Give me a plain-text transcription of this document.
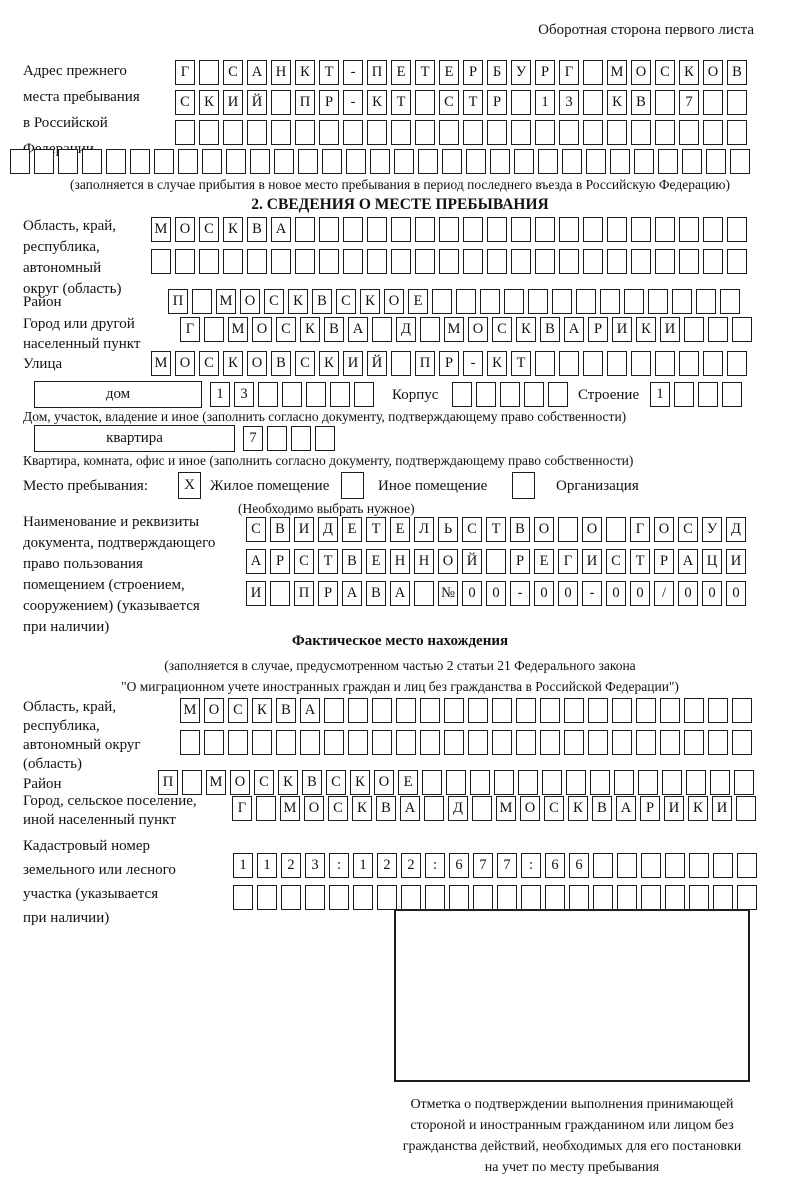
Оборотная сторона первого листа
Адрес прежнего
места пребывания
в Российской
Г	С А Н К	Т	-	П Е	Т	Е	Р	Б	У	Р	Г	М О С К О В
С К И Й	П	Р	-	К	Т	С	Т	Р	1	3	К В	7
(заполняется в случае прибытия в новое место пребывания в период последнего въезда в Российскую Федерацию)
2. СВЕДЕНИЯ О МЕСТЕ ПРЕБЫВАНИЯ
Область, край,
республика,
автономный
округ (область)
М О С К В А
Район	П	М О С К В С К О Е
Город или другой
населенный пункт
Г	М О С К В А	Д	М О С К В А	Р	И К И
Улица	М О С К О В С К И Й	П	Р	-	К	Т
дом	1	3	Корпус	Строение	1
Дом, участок, владение и иное (заполнить согласно документу, подтверждающему право собственности)
квартира	7
Квартира, комната, офис и иное (заполнить согласно документу, подтверждающему право собственности)
Место пребывания:	X	Жилое помещение	Иное помещение	Организация
(Необходимо выбрать нужное)
Наименование и реквизиты
документа, подтверждающего
право пользования
помещением (строением,
сооружением) (указывается
при наличии)
С В И Д	Е	Т	Е	Л	Ь	С	Т	В О	О	Г	О С У Д
А	Р	С	Т	В	Е Н Н О Й	Р	Е	Г	И С	Т	Р	А Ц И
И	П	Р	А В А	№ 0	0	-	0	0	-	0	0	/	0	0	0
Фактическое место нахождения
(заполняется в случае, предусмотренном частью 2 статьи 21 Федерального закона
"О миграционном учете иностранных граждан и лиц без гражданства в Российской Федерации")
Область, край,
республика,
автономный округ
(область)
М О С К В А
Район	П	М О С К В С К О Е
Город, сельское поселение,
иной населенный пункт
Г	М О С К В А	Д	М О С К В А	Р	И К И
Кадастровый номер
земельного или лесного
участка (указывается
при наличии)
1	1	2	3	:	1	2	2	:	6	7	7	:	6	6
Отметка о подтверждении выполнения принимающей
стороной и иностранным гражданином или лицом без
гражданства действий, необходимых для его постановки
на учет по месту пребывания
